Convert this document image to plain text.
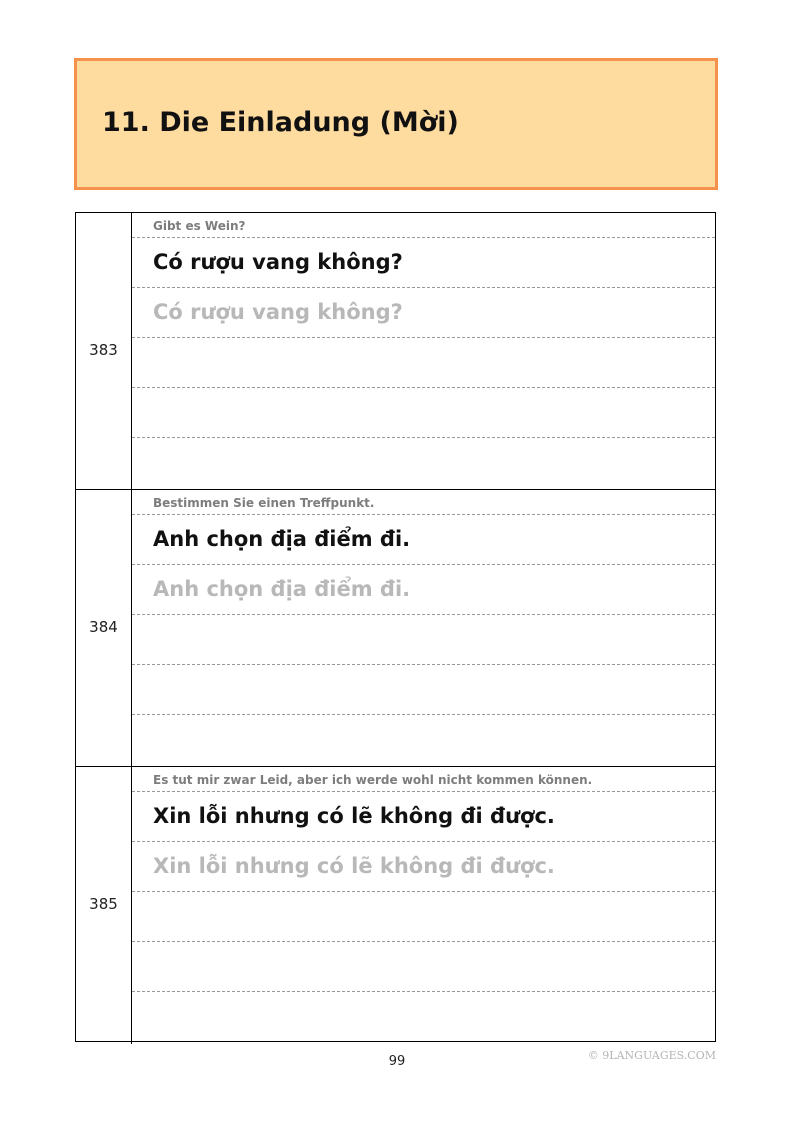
11. Die Einladung (Mời)
383
Gibt es Wein?
Có rượu vang không?
Có rượu vang không?
384
Bestimmen Sie einen Treffpunkt.
Anh chọn địa điểm đi.
Anh chọn địa điểm đi.
385
Es tut mir zwar Leid, aber ich werde wohl nicht kommen können.
Xin lỗi nhưng có lẽ không đi được.
Xin lỗi nhưng có lẽ không đi được.
99	© 9LANGUAGES.COM
